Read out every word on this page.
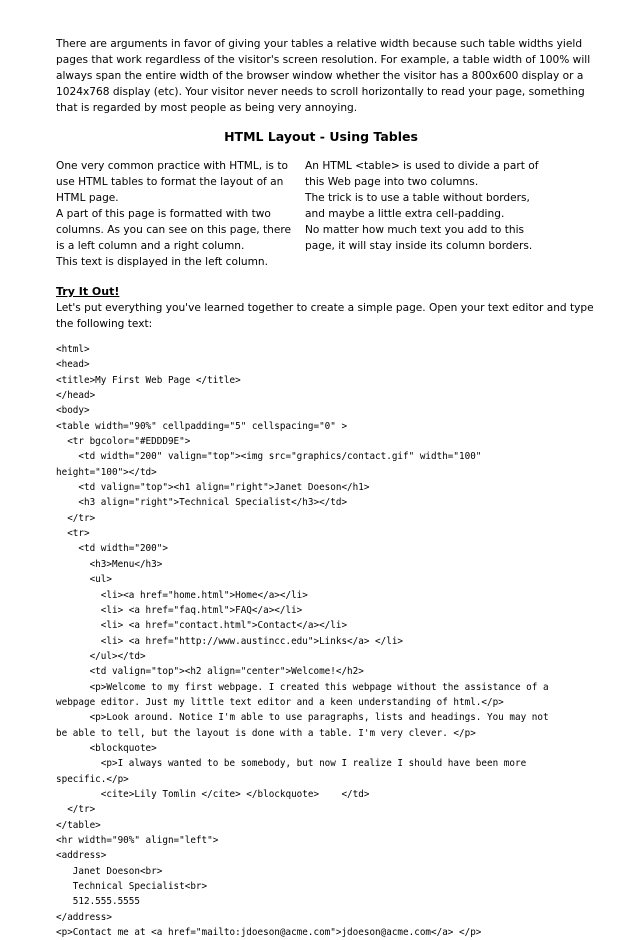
There are arguments in favor of giving your tables a relative width because such table widths yield
pages that work regardless of the visitor's screen resolution. For example, a table width of 100% will
always span the entire width of the browser window whether the visitor has a 800x600 display or a
1024x768 display (etc). Your visitor never needs to scroll horizontally to read your page, something
that is regarded by most people as being very annoying.
HTML Layout - Using Tables
One very common practice with HTML, is to
use HTML tables to format the layout of an
HTML page.
A part of this page is formatted with two
columns. As you can see on this page, there
is a left column and a right column.
This text is displayed in the left column.
An HTML <table> is used to divide a part of
this Web page into two columns.
The trick is to use a table without borders,
and maybe a little extra cell-padding.
No matter how much text you add to this
page, it will stay inside its column borders.
Try It Out!
Let's put everything you've learned together to create a simple page. Open your text editor and type
the following text:
<html>
<head>
<title>My First Web Page </title>
</head>
<body>
<table width="90%" cellpadding="5" cellspacing="0" >
<tr bgcolor="#EDDD9E">
<td width="200" valign="top"><img src="graphics/contact.gif" width="100"
height="100"></td>
<td valign="top"><h1 align="right">Janet Doeson</h1>
<h3 align="right">Technical Specialist</h3></td>
</tr>
<tr>
<td width="200">
<h3>Menu</h3>
<ul>
<li><a href="home.html">Home</a></li>
<li> <a href="faq.html">FAQ</a></li>
<li> <a href="contact.html">Contact</a></li>
<li> <a href="http://www.austincc.edu">Links</a> </li>
</ul></td>
<td valign="top"><h2 align="center">Welcome!</h2>
<p>Welcome to my first webpage. I created this webpage without the assistance of a
webpage editor. Just my little text editor and a keen understanding of html.</p>
<p>Look around. Notice I'm able to use paragraphs, lists and headings. You may not
be able to tell, but the layout is done with a table. I'm very clever. </p>
<blockquote>
<p>I always wanted to be somebody, but now I realize I should have been more
specific.</p>
<cite>Lily Tomlin </cite> </blockquote>    </td>
</tr>
</table>
<hr width="90%" align="left">
<address>
Janet Doeson<br>
Technical Specialist<br>
512.555.5555
</address>
<p>Contact me at <a href="mailto:jdoeson@acme.com">jdoeson@acme.com</a> </p>
